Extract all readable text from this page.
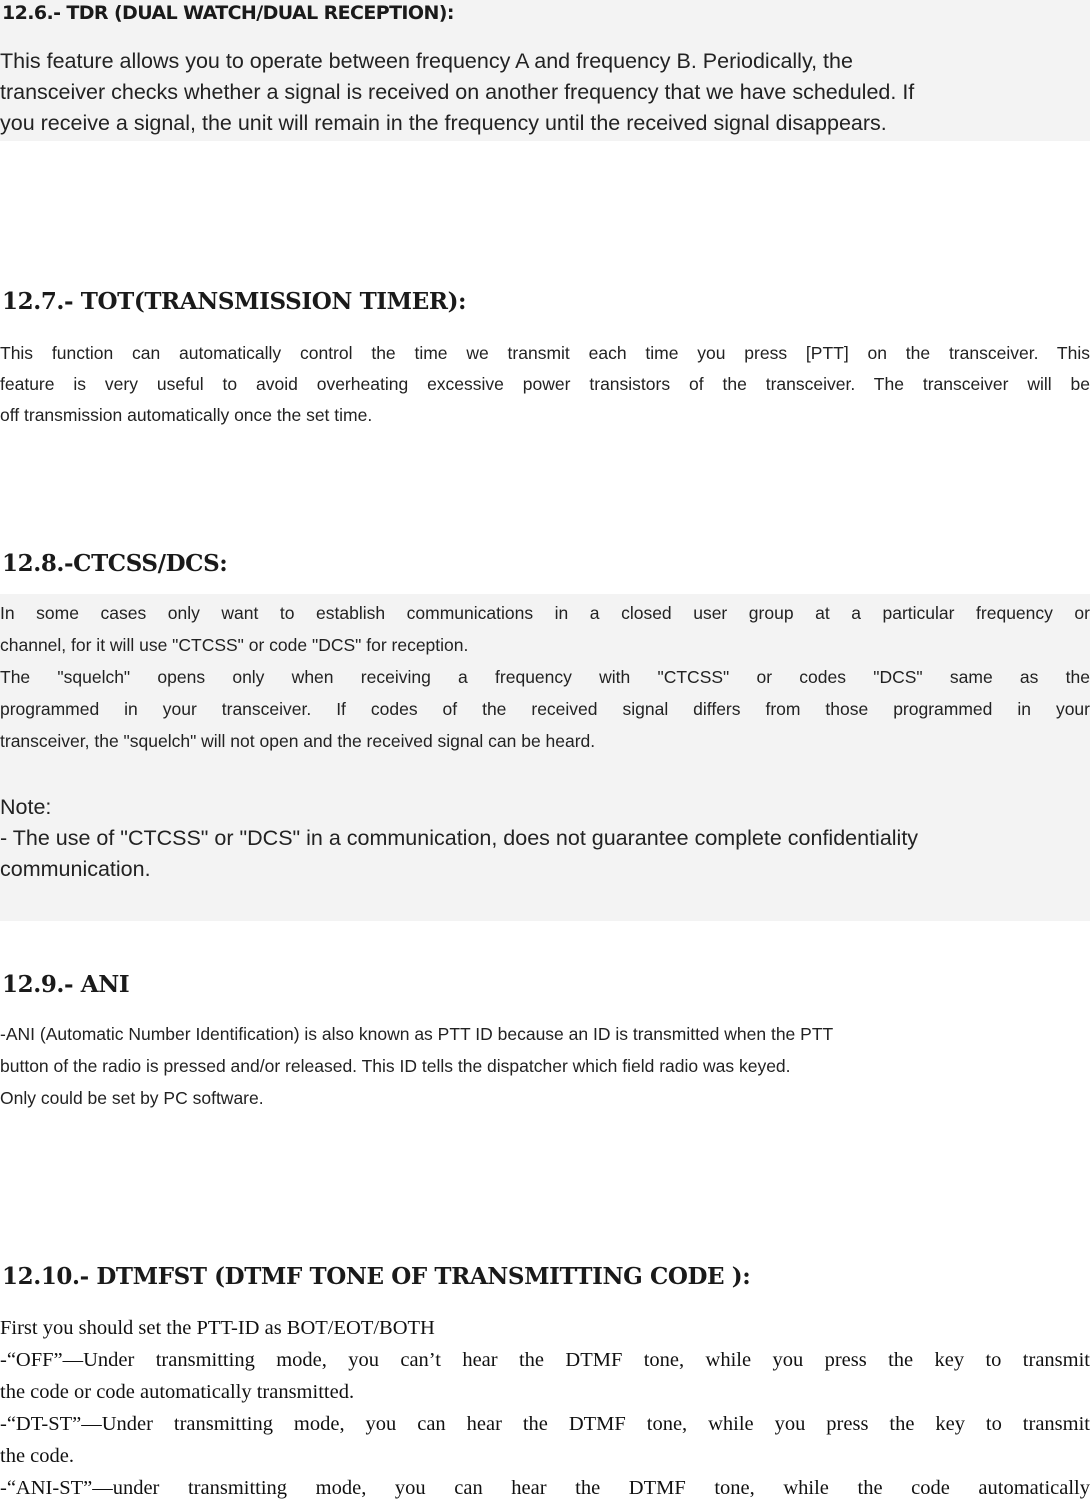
12.6.- TDR (DUAL WATCH/DUAL RECEPTION):
This feature allows you to operate between frequency A and frequency B. Periodically, the
transceiver checks whether a signal is received on another frequency that we have scheduled. If
you receive a signal, the unit will remain in the frequency until the received signal disappears.
12.7.- TOT(TRANSMISSION TIMER):
This function can automatically control the time we transmit each time you press [PTT] on the transceiver. This
feature is very useful to avoid overheating excessive power transistors of the transceiver. The transceiver will be
off transmission automatically once the set time.
12.8.-CTCSS/DCS:
In some cases only want to establish communications in a closed user group at a particular frequency or
channel, for it will use "CTCSS" or code "DCS" for reception.
The "squelch" opens only when receiving a frequency with "CTCSS" or codes "DCS" same as the
programmed in your transceiver. If codes of the received signal differs from those programmed in your
transceiver, the "squelch" will not open and the received signal can be heard.
Note:
- The use of "CTCSS" or "DCS" in a communication, does not guarantee complete confidentiality
communication.
12.9.- ANI
-ANI (Automatic Number Identification) is also known as PTT ID because an ID is transmitted when the PTT
button of the radio is pressed and/or released. This ID tells the dispatcher which field radio was keyed.
Only could be set by PC software.
12.10.- DTMFST (DTMF TONE OF TRANSMITTING CODE ):
First you should set the PTT-ID as BOT/EOT/BOTH
-“OFF”—Under transmitting mode, you can’t hear the DTMF tone, while you press the key to transmit
the code or code automatically transmitted.
-“DT-ST”—Under transmitting mode, you can hear the DTMF tone, while you press the key to transmit
the code.
-“ANI-ST”—under transmitting mode, you can hear the DTMF tone, while the code automatically
